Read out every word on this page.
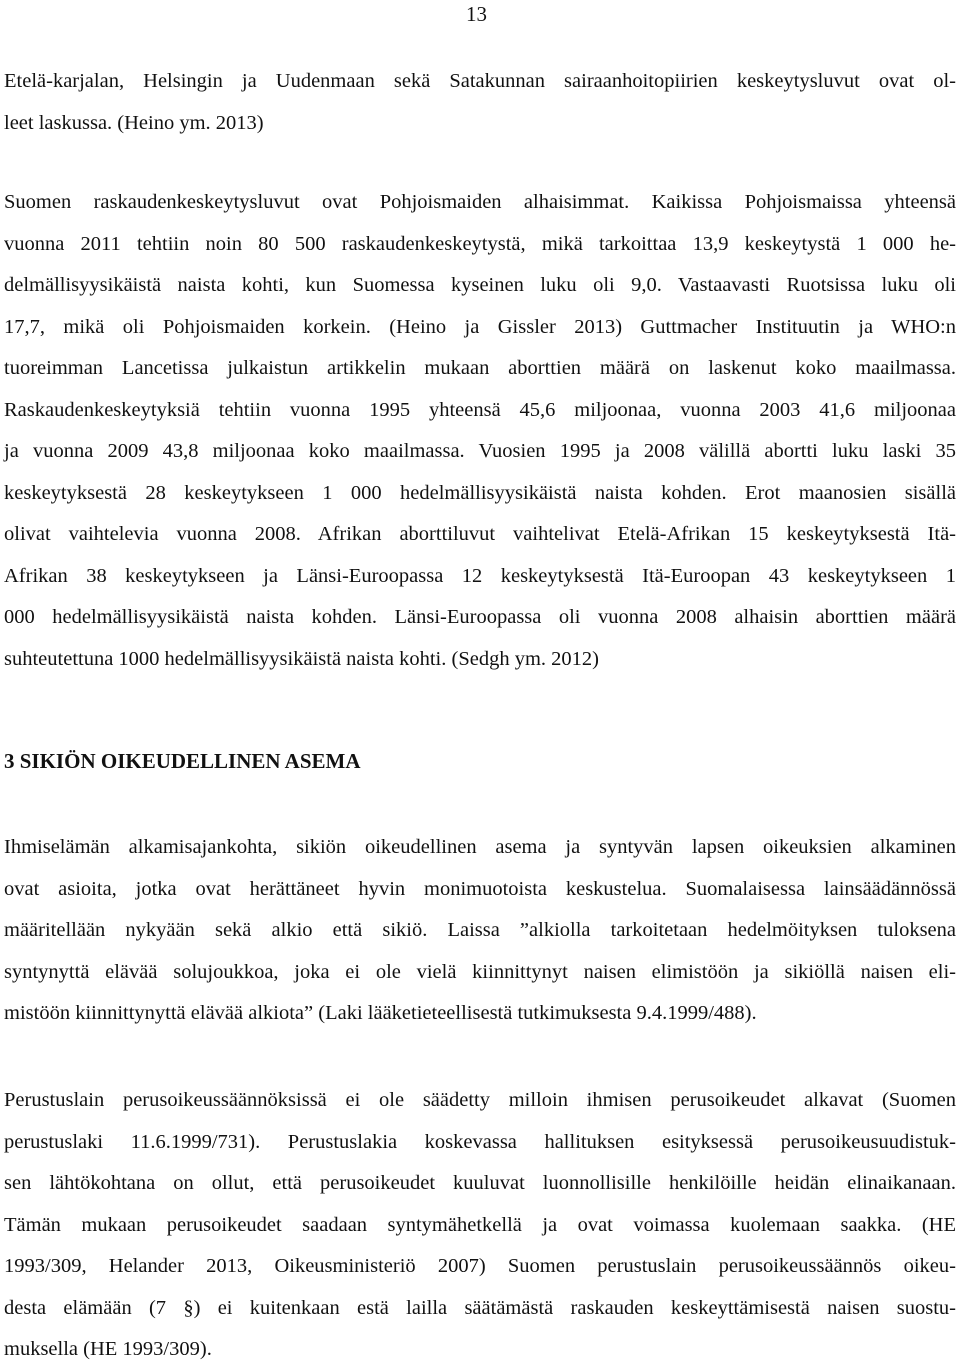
13
Etelä-karjalan, Helsingin ja Uudenmaan sekä Satakunnan sairaanhoitopiirien keskeytysluvut ovat ol-
leet laskussa. (Heino ym. 2013)
Suomen raskaudenkeskeytysluvut ovat Pohjoismaiden alhaisimmat. Kaikissa Pohjoismaissa yhteensä
vuonna 2011 tehtiin noin 80 500 raskaudenkeskeytystä, mikä tarkoittaa 13,9 keskeytystä 1 000 he-
delmällisyysikäistä naista kohti, kun Suomessa kyseinen luku oli 9,0. Vastaavasti Ruotsissa luku oli
17,7, mikä oli Pohjoismaiden korkein. (Heino ja Gissler 2013) Guttmacher Instituutin ja WHO:n
tuoreimman Lancetissa julkaistun artikkelin mukaan aborttien määrä on laskenut koko maailmassa.
Raskaudenkeskeytyksiä tehtiin vuonna 1995 yhteensä 45,6 miljoonaa, vuonna 2003 41,6 miljoonaa
ja vuonna 2009 43,8 miljoonaa koko maailmassa. Vuosien 1995 ja 2008 välillä abortti luku laski 35
keskeytyksestä 28 keskeytykseen 1 000 hedelmällisyysikäistä naista kohden. Erot maanosien sisällä
olivat vaihtelevia vuonna 2008. Afrikan aborttiluvut vaihtelivat Etelä-Afrikan 15 keskeytyksestä Itä-
Afrikan 38 keskeytykseen ja Länsi-Euroopassa 12 keskeytyksestä Itä-Euroopan 43 keskeytykseen 1
000 hedelmällisyysikäistä naista kohden. Länsi-Euroopassa oli vuonna 2008 alhaisin aborttien määrä
suhteutettuna 1000 hedelmällisyysikäistä naista kohti. (Sedgh ym. 2012)
3 SIKIÖN OIKEUDELLINEN ASEMA
Ihmiselämän alkamisajankohta, sikiön oikeudellinen asema ja syntyvän lapsen oikeuksien alkaminen
ovat asioita, jotka ovat herättäneet hyvin monimuotoista keskustelua. Suomalaisessa lainsäädännössä
määritellään nykyään sekä alkio että sikiö. Laissa ”alkiolla tarkoitetaan hedelmöityksen tuloksena
syntynyttä elävää solujoukkoa, joka ei ole vielä kiinnittynyt naisen elimistöön ja sikiöllä naisen eli-
mistöön kiinnittynyttä elävää alkiota” (Laki lääketieteellisestä tutkimuksesta 9.4.1999/488).
Perustuslain perusoikeussäännöksissä ei ole säädetty milloin ihmisen perusoikeudet alkavat (Suomen
perustuslaki 11.6.1999/731). Perustuslakia koskevassa hallituksen esityksessä perusoikeusuudistuk-
sen lähtökohtana on ollut, että perusoikeudet kuuluvat luonnollisille henkilöille heidän elinaikanaan.
Tämän mukaan perusoikeudet saadaan syntymähetkellä ja ovat voimassa kuolemaan saakka. (HE
1993/309, Helander 2013, Oikeusministeriö 2007) Suomen perustuslain perusoikeussäännös oikeu-
desta elämään (7 §) ei kuitenkaan estä lailla säätämästä raskauden keskeyttämisestä naisen suostu-
muksella (HE 1993/309).
